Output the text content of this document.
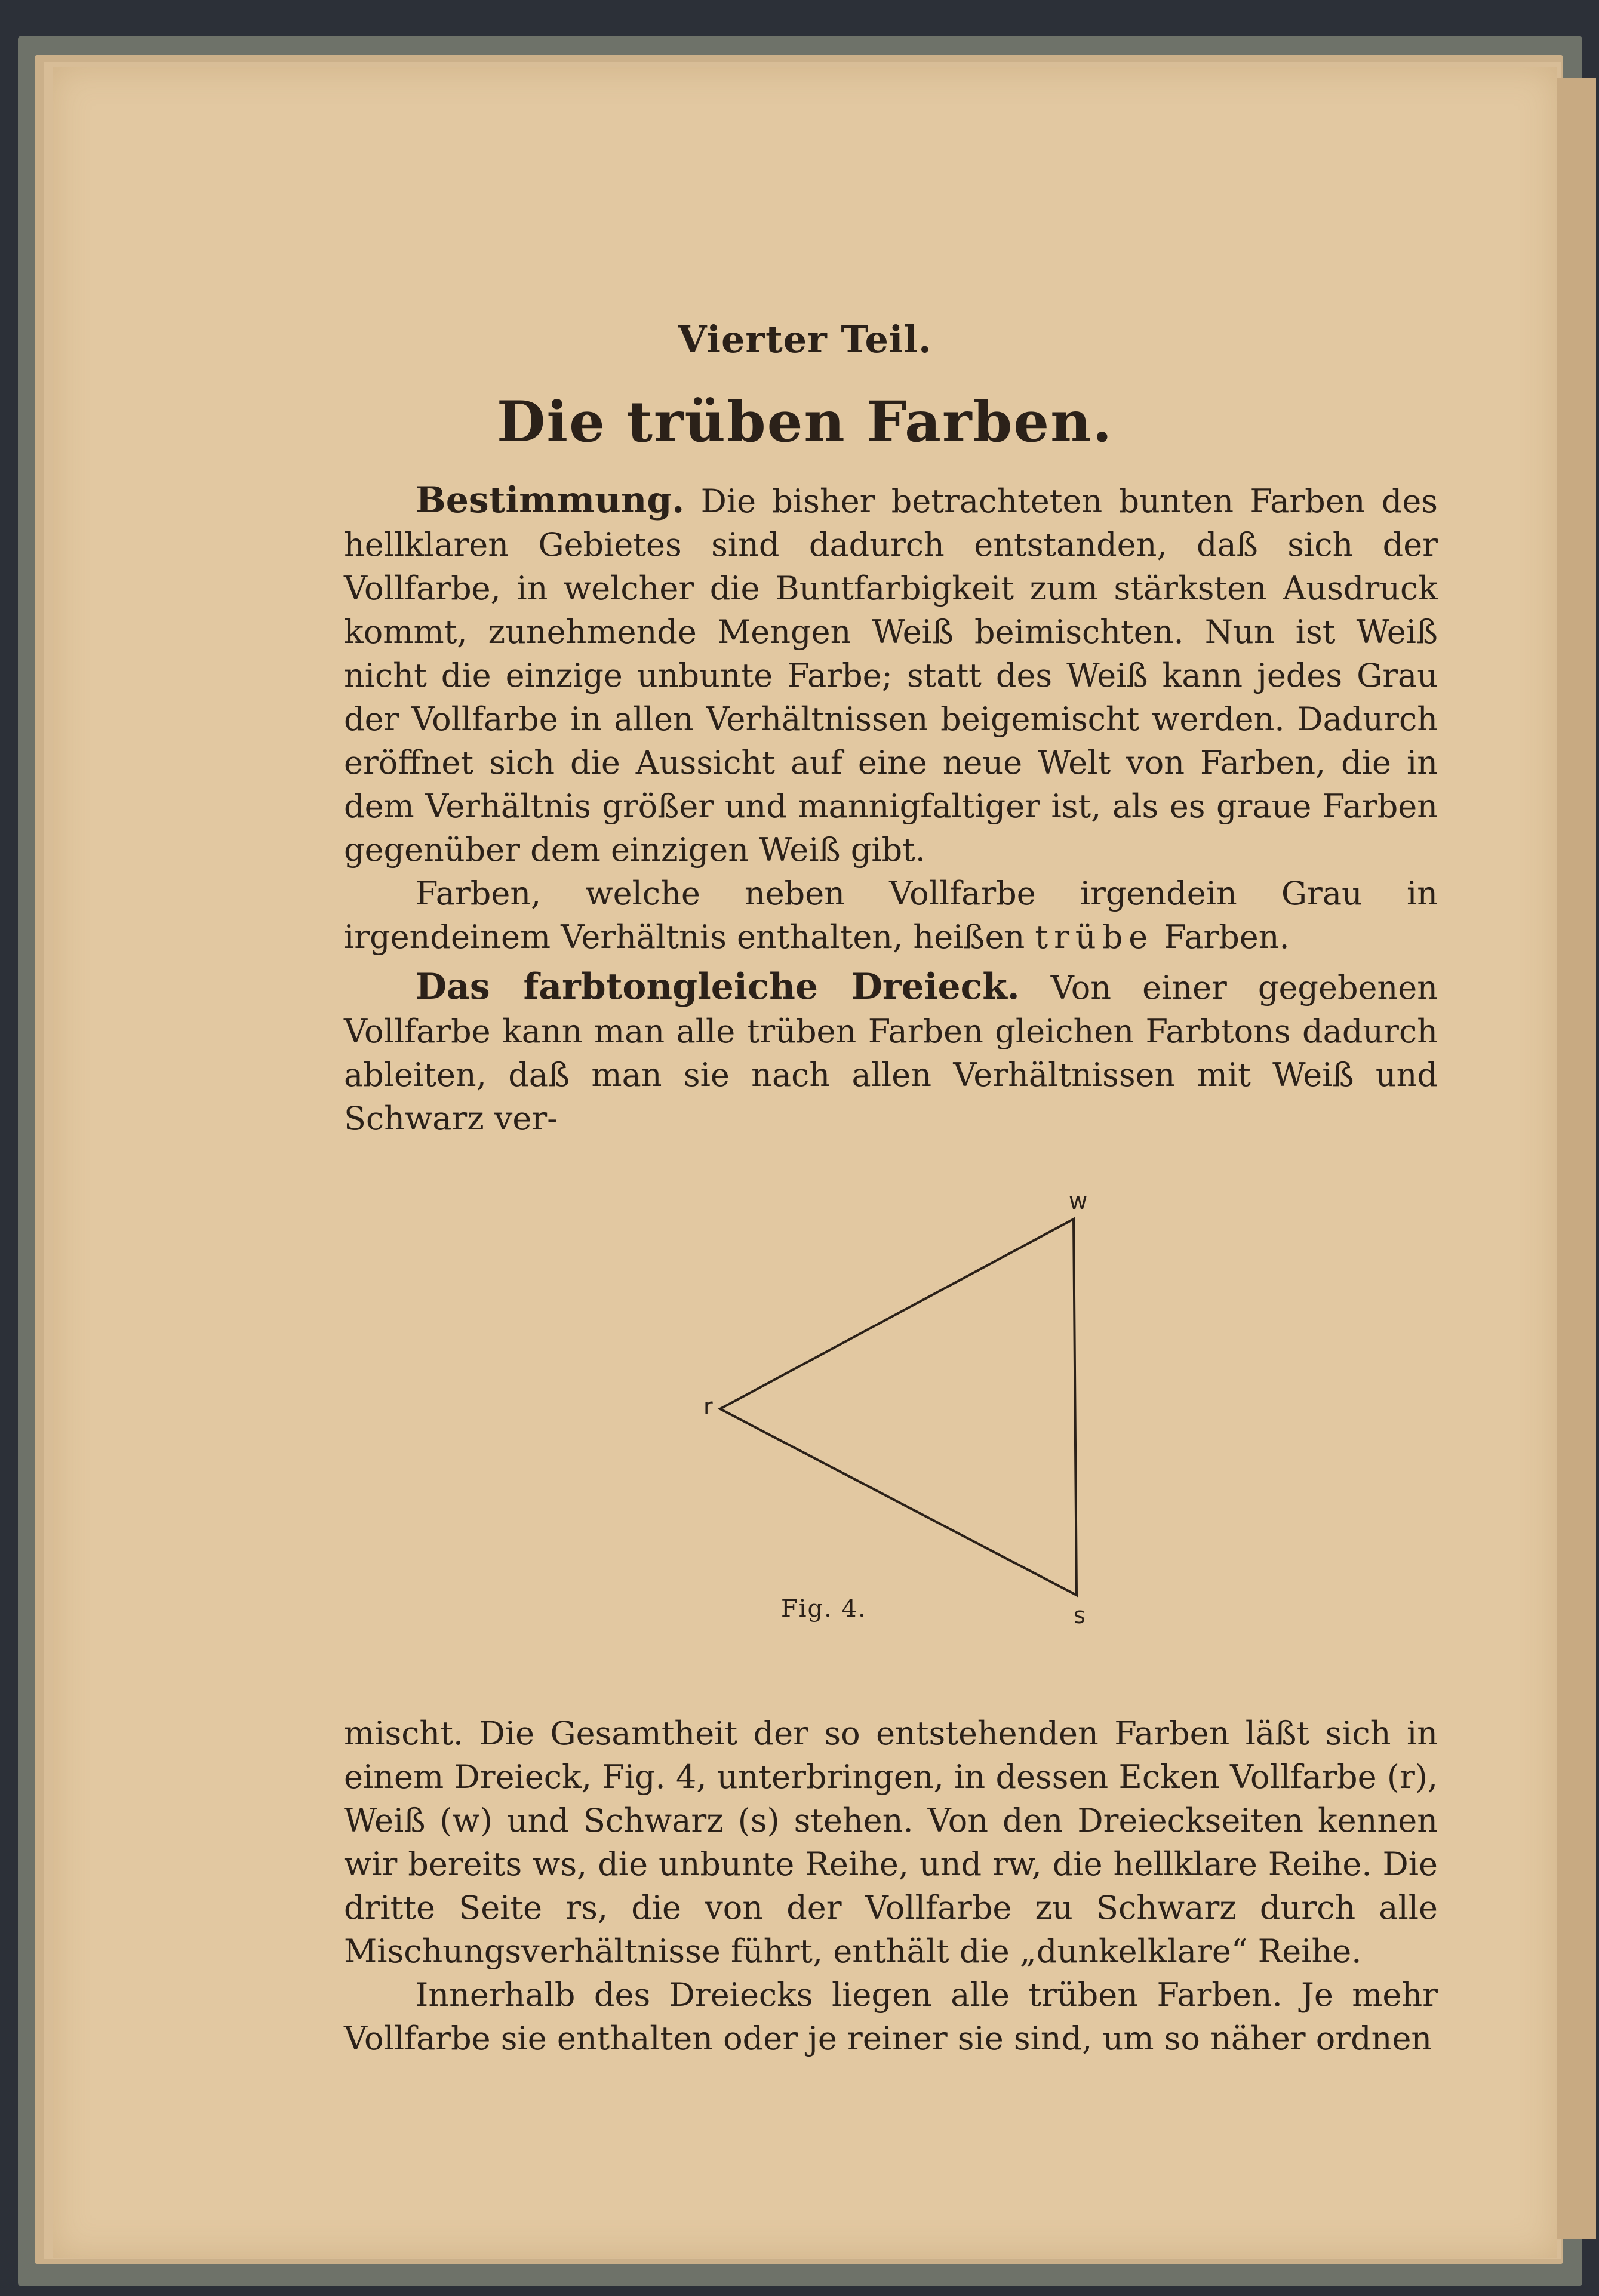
Vierter Teil.
Die trüben Farben.

Bestimmung. Die bisher betrachteten bunten Farben des hellklaren Gebietes sind dadurch entstanden, daß sich der Vollfarbe, in welcher die Buntfarbigkeit zum stärksten Ausdruck kommt, zunehmende Mengen Weiß beimischten. Nun ist Weiß nicht die einzige unbunte Farbe; statt des Weiß kann jedes Grau der Vollfarbe in allen Verhältnissen beigemischt werden. Dadurch eröffnet sich die Aussicht auf eine neue Welt von Farben, die in dem Verhältnis größer und mannigfaltiger ist, als es graue Farben gegenüber dem einzigen Weiß gibt.

Farben, welche neben Vollfarbe irgendein Grau in irgendeinem Verhältnis enthalten, heißen trübe Farben.

Das farbtongleiche Dreieck. Von einer gegebenen Vollfarbe kann man alle trüben Farben gleichen Farbtons dadurch ableiten, daß man sie nach allen Verhältnissen mit Weiß und Schwarz ver-

w
r
s
Fig. 4.

mischt. Die Gesamtheit der so entstehenden Farben läßt sich in einem Dreieck, Fig. 4, unterbringen, in dessen Ecken Vollfarbe (r), Weiß (w) und Schwarz (s) stehen. Von den Dreieckseiten kennen wir bereits ws, die unbunte Reihe, und rw, die hellklare Reihe. Die dritte Seite rs, die von der Vollfarbe zu Schwarz durch alle Mischungsverhältnisse führt, enthält die „dunkelklare“ Reihe.

Innerhalb des Dreiecks liegen alle trüben Farben. Je mehr Vollfarbe sie enthalten oder je reiner sie sind, um so näher ordnen
